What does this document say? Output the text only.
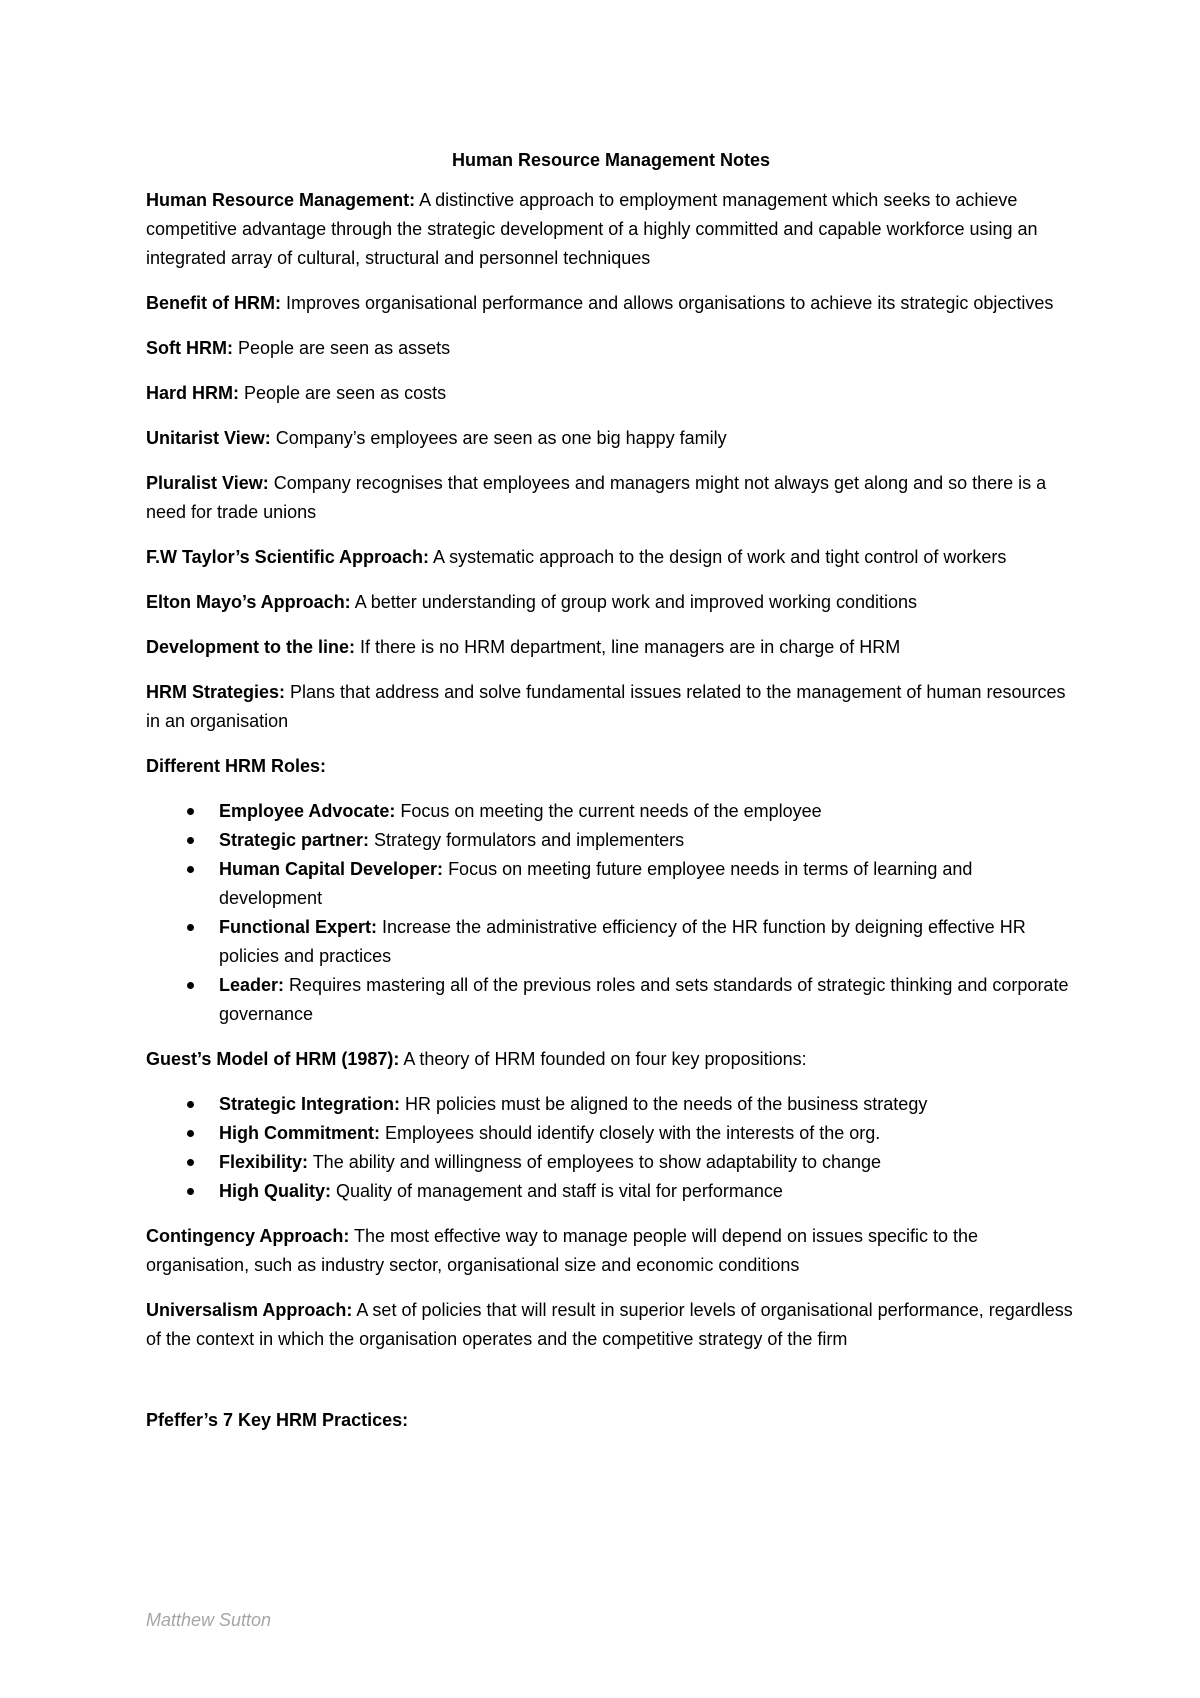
Human Resource Management Notes
Human Resource Management: A distinctive approach to employment management which seeks to achieve competitive advantage through the strategic development of a highly committed and capable workforce using an integrated array of cultural, structural and personnel techniques
Benefit of HRM: Improves organisational performance and allows organisations to achieve its strategic objectives
Soft HRM: People are seen as assets
Hard HRM: People are seen as costs
Unitarist View: Company’s employees are seen as one big happy family
Pluralist View: Company recognises that employees and managers might not always get along and so there is a need for trade unions
F.W Taylor’s Scientific Approach: A systematic approach to the design of work and tight control of workers
Elton Mayo’s Approach: A better understanding of group work and improved working conditions
Development to the line: If there is no HRM department, line managers are in charge of HRM
HRM Strategies: Plans that address and solve fundamental issues related to the management of human resources in an organisation
Different HRM Roles:
Employee Advocate: Focus on meeting the current needs of the employee
Strategic partner: Strategy formulators and implementers
Human Capital Developer: Focus on meeting future employee needs in terms of learning and development
Functional Expert: Increase the administrative efficiency of the HR function by deigning effective HR policies and practices
Leader: Requires mastering all of the previous roles and sets standards of strategic thinking and corporate governance
Guest’s Model of HRM (1987): A theory of HRM founded on four key propositions:
Strategic Integration: HR policies must be aligned to the needs of the business strategy
High Commitment: Employees should identify closely with the interests of the org.
Flexibility: The ability and willingness of employees to show adaptability to change
High Quality: Quality of management and staff is vital for performance
Contingency Approach: The most effective way to manage people will depend on issues specific to the organisation, such as industry sector, organisational size and economic conditions
Universalism Approach: A set of policies that will result in superior levels of organisational performance, regardless of the context in which the organisation operates and the competitive strategy of the firm
Pfeffer’s 7 Key HRM Practices:
Matthew Sutton
